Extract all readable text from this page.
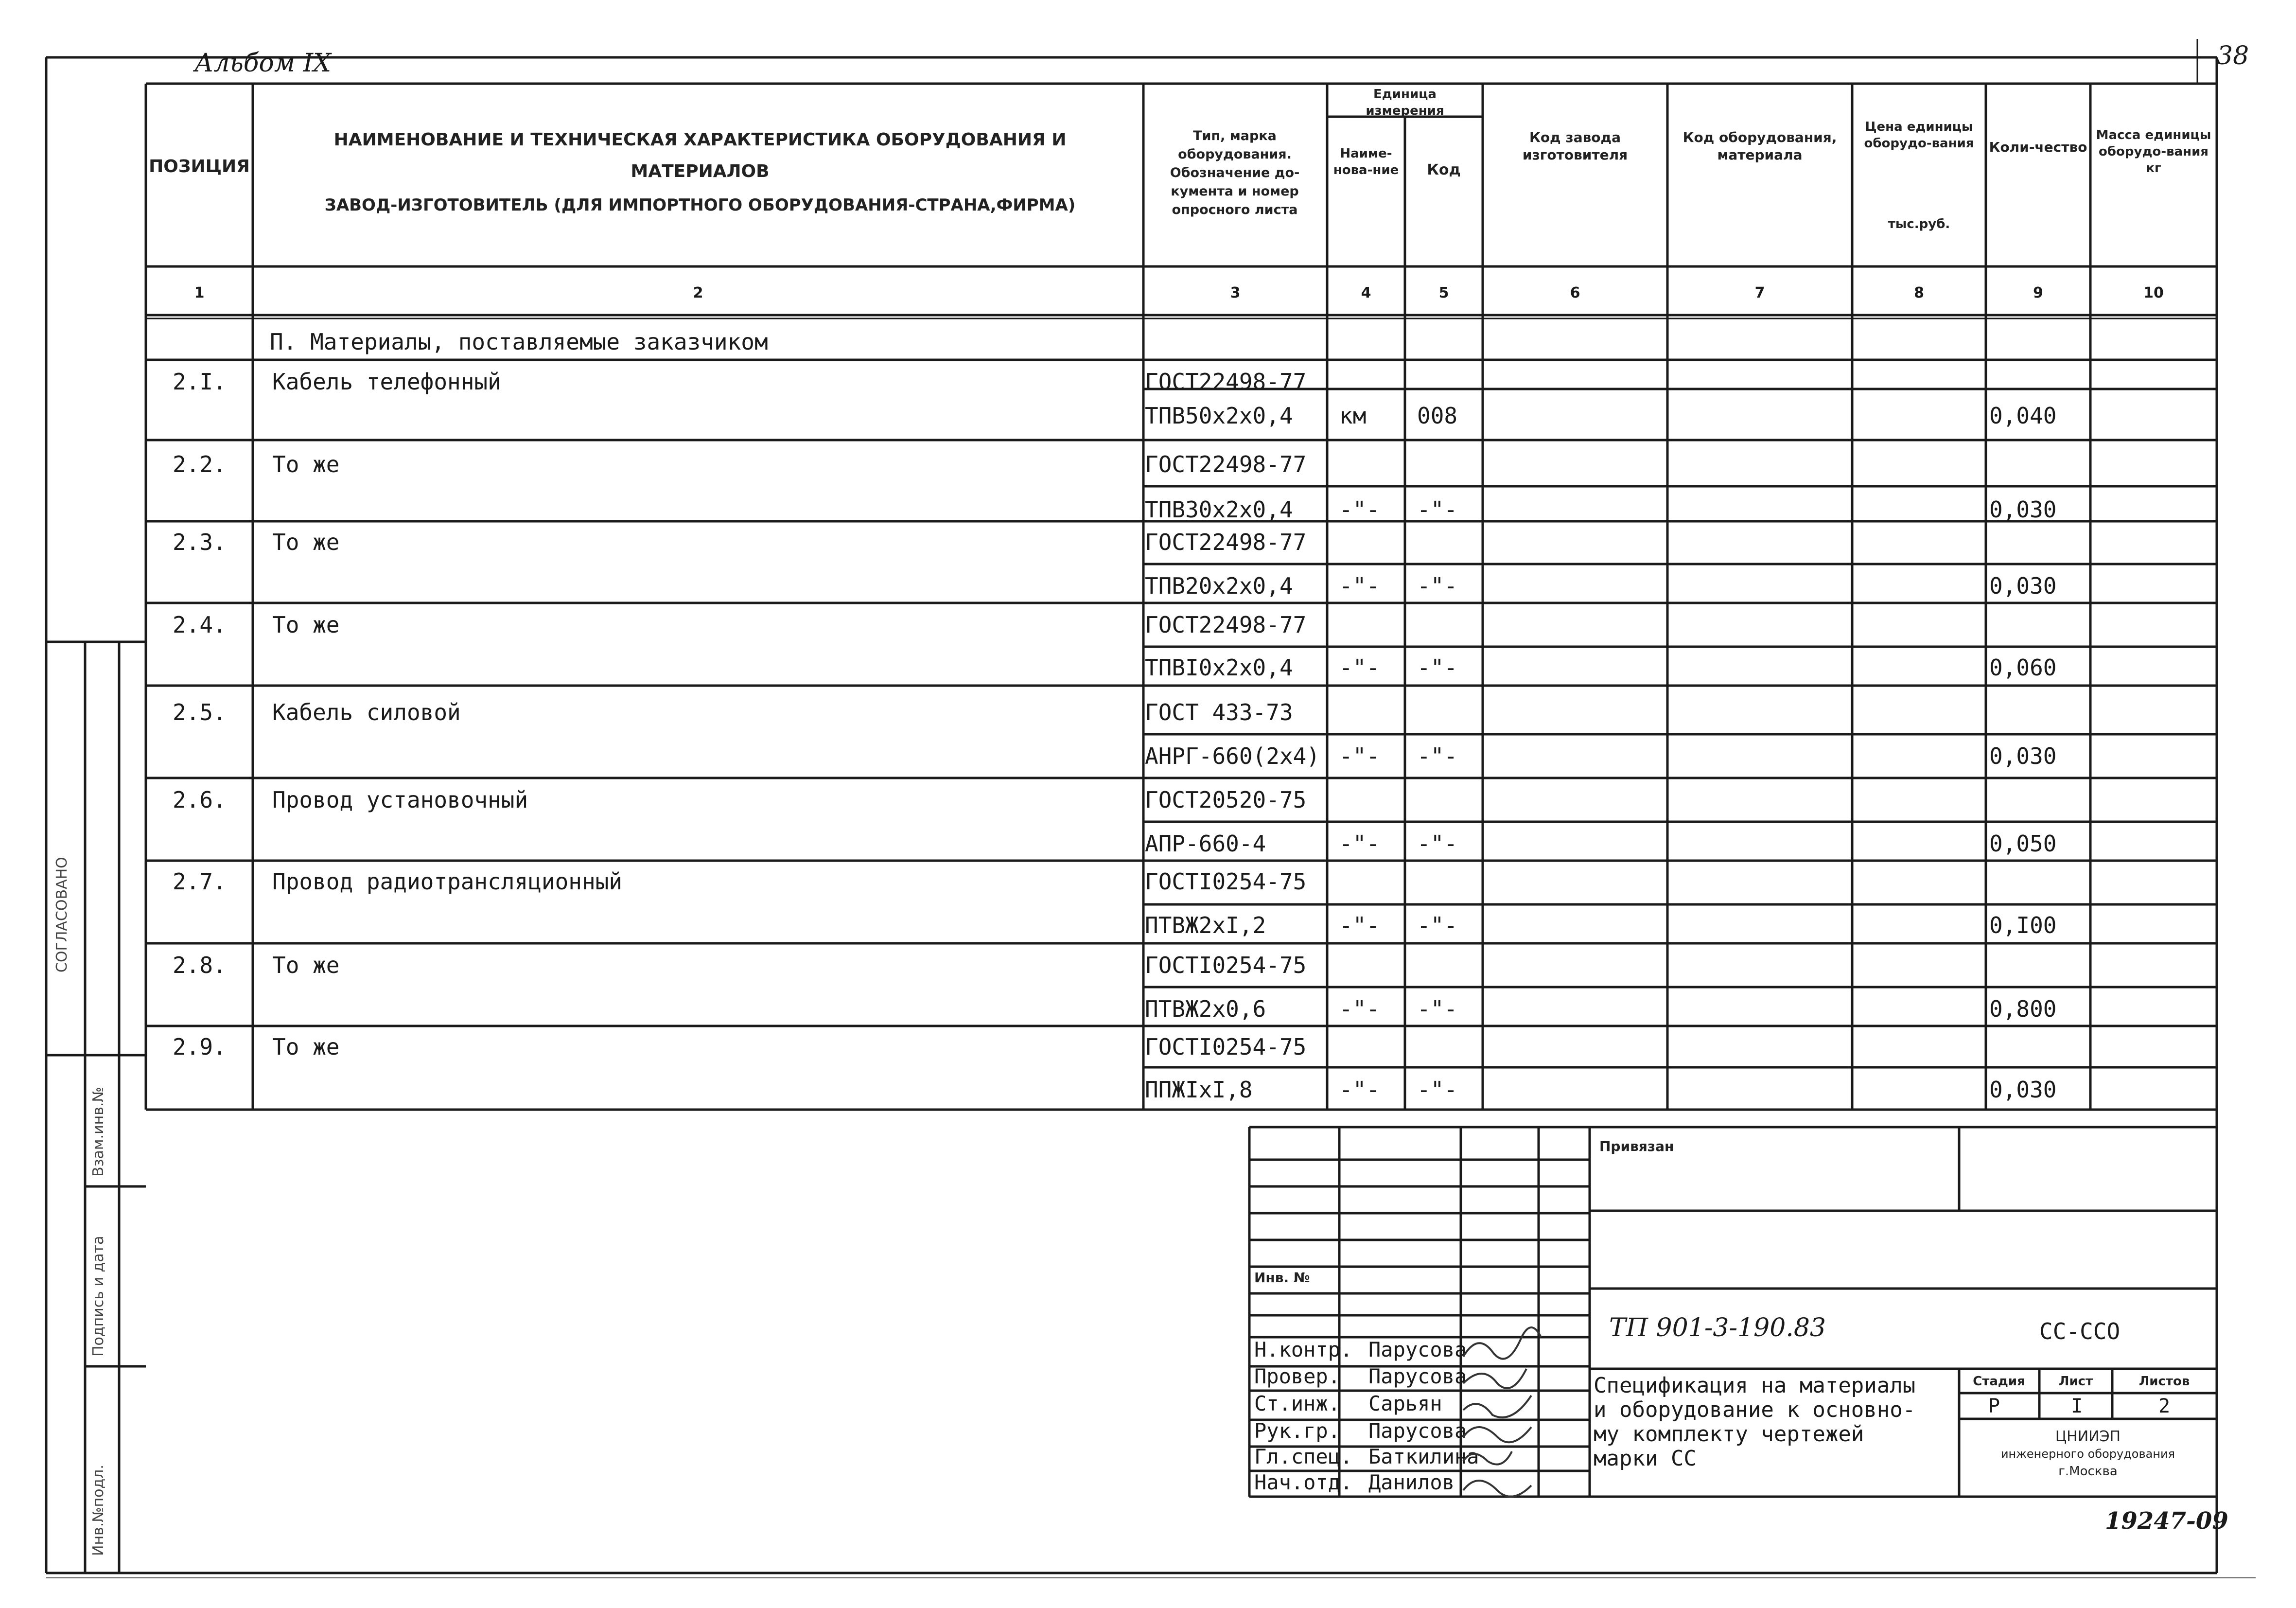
Альбом IX	38
ПОЗИЦИЯ
НАИМЕНОВАНИЕ И ТЕХНИЧЕСКАЯ ХАРАКТЕРИСТИКА ОБОРУДОВАНИЯ И
МАТЕРИАЛОВ
ЗАВОД-ИЗГОТОВИТЕЛЬ (ДЛЯ ИМПОРТНОГО ОБОРУДОВАНИЯ-СТРАНА,ФИРМА)
Тип, марка
оборудования.
Обозначение до-
кумента и номер
опросного листа
Единица измерения
Наиме-нова-ние	Код
Код завода изготовителя
Код оборудования, материала
Цена единицы оборудо-вания
тыс.руб.
Коли-чество
Масса единицы оборудо-вания кг
1	2	3	4	5	6	7	8	9	10
П. Материалы, поставляемые заказчиком
2.I. Кабель телефонный	ГОСТ22498-77
ТПВ50х2х0,4 км 008	0,040
2.2. То же	ГОСТ22498-77
ТПВ30х2х0,4 -"- -"-	0,030
2.3. То же	ГОСТ22498-77
ТПВ20х2х0,4 -"- -"-	0,030
2.4. То же	ГОСТ22498-77
ТПВI0х2х0,4 -"- -"-	0,060
2.5. Кабель силовой	ГОСТ 433-73
АНРГ-660(2х4) -"- -"-	0,030
2.6. Провод установочный	ГОСТ20520-75
АПР-660-4	-"- -"-	0,050
2.7. Провод радиотрансляционный	ГОСТI0254-75
ПТВЖ2хI,2	-"- -"-	0,I00
2.8. То же	ГОСТI0254-75
ПТВЖ2х0,6	-"- -"-	0,800
2.9. То же	ГОСТI0254-75
ППЖIхI,8	-"- -"-	0,030
СОГЛАСОВАНО
Взам.инв.№
Подпись и дата
Инв.№подл.
Привязан
Инв. №
Н.контр. Парусова
Провер. Парусова
Ст.инж. Сарьян
Рук.гр. Парусова
Гл.спец. Баткилина
Нач.отд. Данилов
ТП 901-3-190.83	СС-ССО
Спецификация на материалы
и оборудование к основно-
му комплекту чертежей
марки СС
Стадия	Лист	Листов
Р	I	2
ЦНИИЭП
инженерного оборудования
г.Москва
19247-09
